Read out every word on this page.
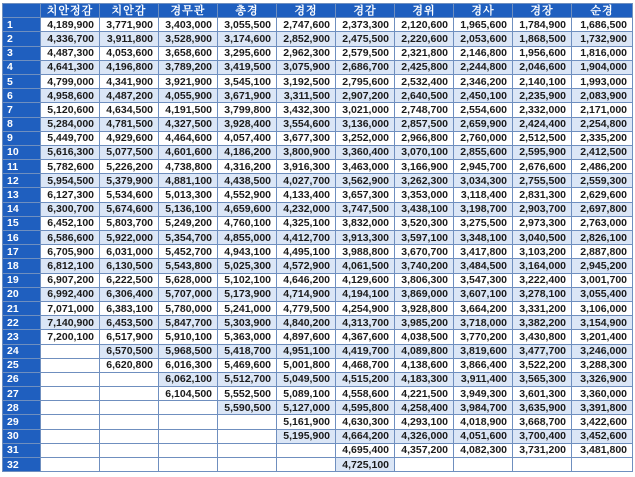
	치안정감	치안감	경무관	총경	경정	경감	경위	경사	경장	순경
1	4,189,900	3,771,900	3,403,000	3,055,500	2,747,600	2,373,300	2,120,600	1,965,600	1,784,900	1,686,500
2	4,336,700	3,911,800	3,528,900	3,174,600	2,852,900	2,475,500	2,220,600	2,053,600	1,868,500	1,732,900
3	4,487,300	4,053,600	3,658,600	3,295,600	2,962,300	2,579,500	2,321,800	2,146,800	1,956,600	1,816,000
4	4,641,300	4,196,800	3,789,200	3,419,500	3,075,900	2,686,700	2,425,800	2,244,800	2,046,600	1,904,000
5	4,799,000	4,341,900	3,921,900	3,545,100	3,192,500	2,795,600	2,532,400	2,346,200	2,140,100	1,993,000
6	4,958,600	4,487,200	4,055,900	3,671,900	3,311,500	2,907,200	2,640,500	2,450,100	2,235,900	2,083,900
7	5,120,600	4,634,500	4,191,500	3,799,800	3,432,300	3,021,000	2,748,700	2,554,600	2,332,000	2,171,000
8	5,284,000	4,781,500	4,327,500	3,928,400	3,554,600	3,136,000	2,857,500	2,659,900	2,424,400	2,254,800
9	5,449,700	4,929,600	4,464,600	4,057,400	3,677,300	3,252,000	2,966,800	2,760,000	2,512,500	2,335,200
10	5,616,300	5,077,500	4,601,600	4,186,200	3,800,900	3,360,400	3,070,100	2,855,600	2,595,900	2,412,500
11	5,782,600	5,226,200	4,738,800	4,316,200	3,916,300	3,463,000	3,166,900	2,945,700	2,676,600	2,486,200
12	5,954,500	5,379,900	4,881,100	4,438,500	4,027,700	3,562,900	3,262,300	3,034,300	2,755,500	2,559,300
13	6,127,300	5,534,600	5,013,300	4,552,900	4,133,400	3,657,300	3,353,000	3,118,400	2,831,300	2,629,600
14	6,300,700	5,674,600	5,136,100	4,659,600	4,232,000	3,747,500	3,438,100	3,198,700	2,903,700	2,697,800
15	6,452,100	5,803,700	5,249,200	4,760,100	4,325,100	3,832,000	3,520,300	3,275,500	2,973,300	2,763,000
16	6,586,600	5,922,000	5,354,700	4,855,000	4,412,700	3,913,300	3,597,100	3,348,100	3,040,500	2,826,100
17	6,705,900	6,031,000	5,452,700	4,943,100	4,495,100	3,988,800	3,670,700	3,417,800	3,103,200	2,887,800
18	6,812,100	6,130,500	5,543,800	5,025,300	4,572,900	4,061,500	3,740,200	3,484,500	3,164,000	2,945,200
19	6,907,200	6,222,500	5,628,000	5,102,100	4,646,200	4,129,600	3,806,300	3,547,300	3,222,400	3,001,700
20	6,992,400	6,306,400	5,707,000	5,173,900	4,714,900	4,194,100	3,869,000	3,607,100	3,278,100	3,055,400
21	7,071,000	6,383,100	5,780,000	5,241,000	4,779,500	4,254,900	3,928,800	3,664,200	3,331,200	3,106,000
22	7,140,900	6,453,500	5,847,700	5,303,900	4,840,200	4,313,700	3,985,200	3,718,000	3,382,200	3,154,900
23	7,200,100	6,517,900	5,910,100	5,363,000	4,897,600	4,367,600	4,038,500	3,770,200	3,430,800	3,201,400
24		6,570,500	5,968,500	5,418,700	4,951,100	4,419,700	4,089,800	3,819,600	3,477,700	3,246,000
25		6,620,800	6,016,300	5,469,600	5,001,800	4,468,700	4,138,600	3,866,400	3,522,200	3,288,300
26			6,062,100	5,512,700	5,049,500	4,515,200	4,183,300	3,911,400	3,565,300	3,326,900
27			6,104,500	5,552,500	5,089,100	4,558,600	4,221,500	3,949,300	3,601,300	3,360,000
28				5,590,500	5,127,000	4,595,800	4,258,400	3,984,700	3,635,900	3,391,800
29					5,161,900	4,630,300	4,293,100	4,018,900	3,668,700	3,422,600
30					5,195,900	4,664,200	4,326,000	4,051,600	3,700,400	3,452,600
31						4,695,400	4,357,200	4,082,300	3,731,200	3,481,800
32						4,725,100				
